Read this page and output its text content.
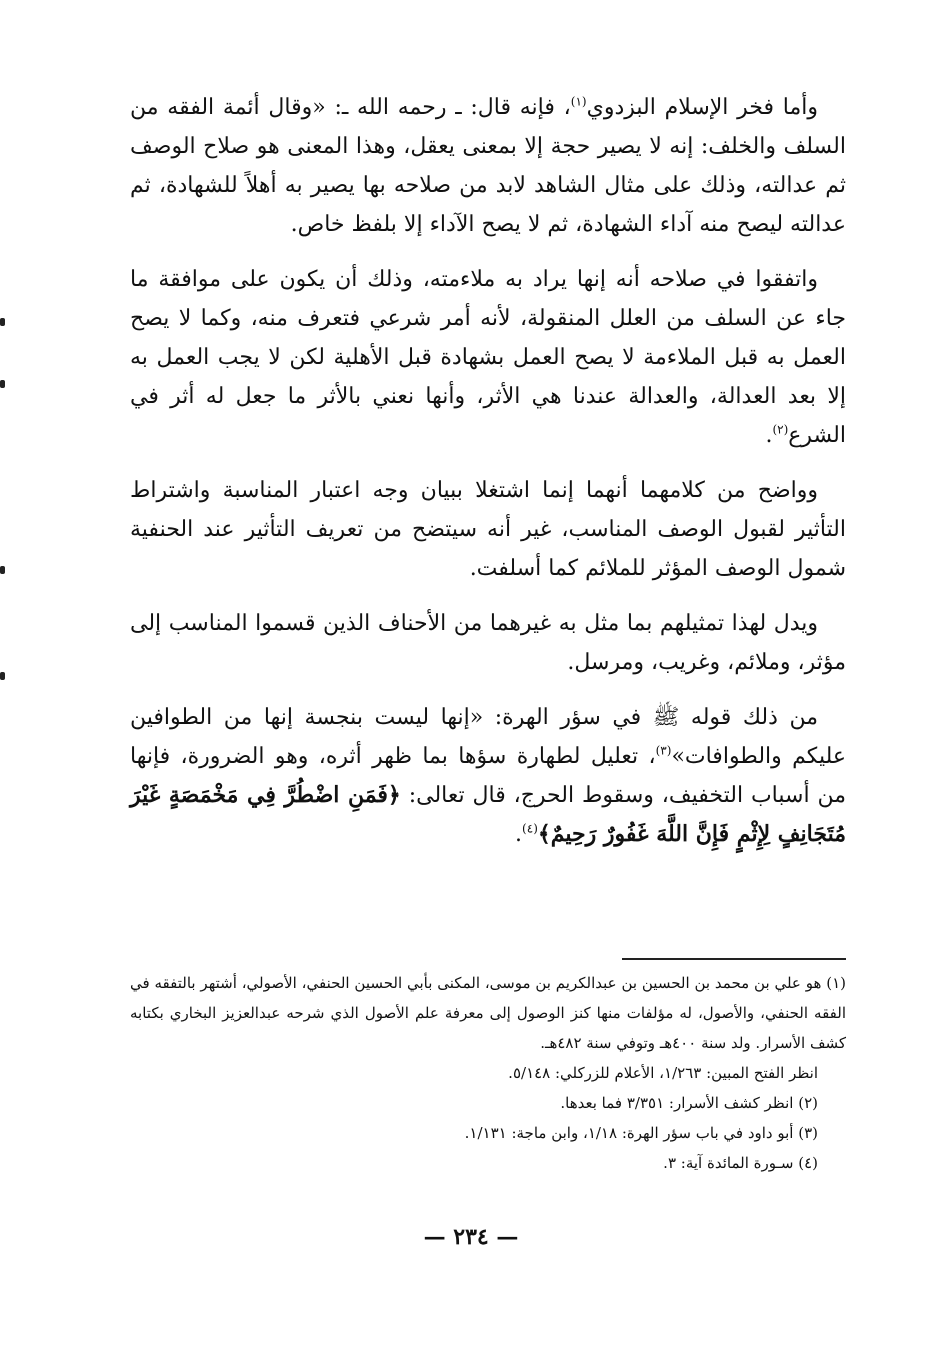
وأما فخر الإسلام البزدوي$^{(١)}$، فإنه قال: ـ رحمه الله ـ: «وقال أئمة الفقه من السلف والخلف: إنه لا يصير حجة إلا بمعنى يعقل، وهذا المعنى هو صلاح الوصف ثم عدالته، وذلك على مثال الشاهد لابد من صلاحه بها يصير به أهلاً للشهادة، ثم عدالته ليصح منه آداء الشهادة، ثم لا يصح الآداء إلا بلفظ خاص.

واتفقوا في صلاحه أنه إنها يراد به ملاءمته، وذلك أن يكون على موافقة ما جاء عن السلف من العلل المنقولة، لأنه أمر شرعي فتعرف منه، وكما لا يصح العمل به قبل الملاءمة لا يصح العمل بشهادة قبل الأهلية لكن لا يجب العمل به إلا بعد العدالة، والعدالة عندنا هي الأثر، وأنها نعني بالأثر ما جعل له أثر في الشرع$^{(٢)}$.

وواضح من كلامهما أنهما إنما اشتغلا ببيان وجه اعتبار المناسبة واشتراط التأثير لقبول الوصف المناسب، غير أنه سيتضح من تعريف التأثير عند الحنفية شمول الوصف المؤثر للملائم كما أسلفت.

ويدل لهذا تمثيلهم بما مثل به غيرهما من الأحناف الذين قسموا المناسب إلى مؤثر، وملائم، وغريب، ومرسل.

من ذلك قوله ﷺ في سؤر الهرة: «إنها ليست بنجسة إنها من الطوافين عليكم والطوافات»$^{(٣)}$، تعليل لطهارة سؤها بما ظهر أثره، وهو الضرورة، فإنها من أسباب التخفيف، وسقوط الحرج، قال تعالى: ﴿فَمَنِ اضْطُرَّ فِي مَخْمَصَةٍ غَيْرَ مُتَجَانِفٍ لِإِثْمٍ فَإِنَّ اللَّهَ غَفُورٌ رَحِيمٌ﴾$^{(٤)}$.

(١) هو علي بن محمد بن الحسين بن عبدالكريم بن موسى، المكنى بأبي الحسين الحنفي، الأصولي، أشتهر بالتفقه في الفقه الحنفي، والأصول، له مؤلفات منها كنز الوصول إلى معرفة علم الأصول الذي شرحه عبدالعزيز البخاري بكتابه كشف الأسرار. ولد سنة ٤٠٠هـ وتوفي سنة ٤٨٢هـ.

انظر الفتح المبين: ١/٢٦٣، الأعلام للزركلي: ٥/١٤٨.

(٢) انظر كشف الأسرار: ٣/٣٥١ فما بعدها.

(٣) أبو داود في باب سؤر الهرة: ١/١٨، وابن ماجة: ١/١٣١.

(٤) سـورة المائدة آية: ٣.

— ٢٣٤ —
